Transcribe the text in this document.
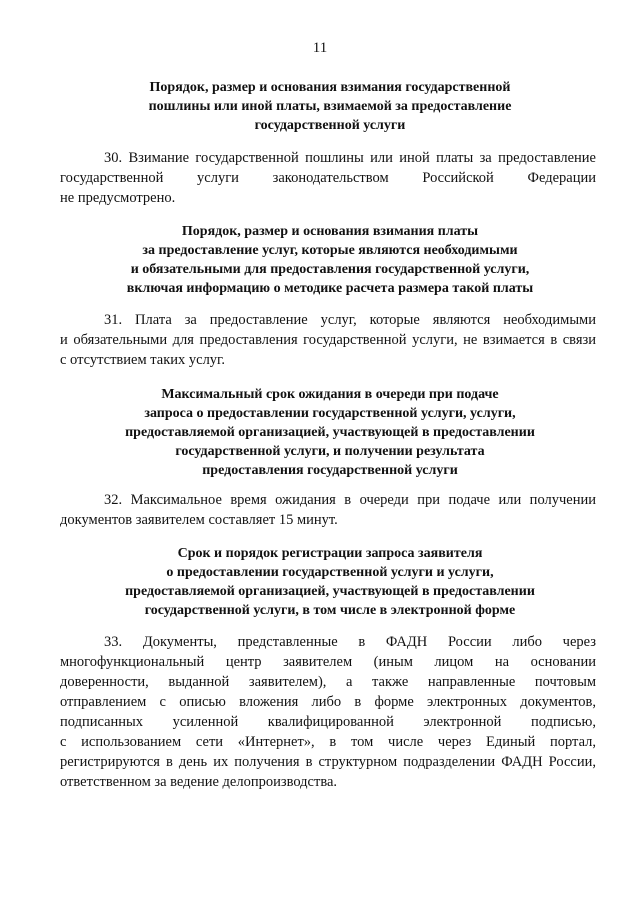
11
Порядок, размер и основания взимания государственной
пошлины или иной платы, взимаемой за предоставление
государственной услуги
30. Взимание государственной пошлины или иной платы за предоставление
государственной услуги законодательством Российской Федерации
не предусмотрено.
Порядок, размер и основания взимания платы
за предоставление услуг, которые являются необходимыми
и обязательными для предоставления государственной услуги,
включая информацию о методике расчета размера такой платы
31. Плата за предоставление услуг, которые являются необходимыми
и обязательными для предоставления государственной услуги, не взимается в связи
с отсутствием таких услуг.
Максимальный срок ожидания в очереди при подаче
запроса о предоставлении государственной услуги, услуги,
предоставляемой организацией, участвующей в предоставлении
государственной услуги, и получении результата
предоставления государственной услуги
32. Максимальное время ожидания в очереди при подаче или получении
документов заявителем составляет 15 минут.
Срок и порядок регистрации запроса заявителя
о предоставлении государственной услуги и услуги,
предоставляемой организацией, участвующей в предоставлении
государственной услуги, в том числе в электронной форме
33. Документы, представленные в ФАДН России либо через
многофункциональный центр заявителем (иным лицом на основании
доверенности, выданной заявителем), а также направленные почтовым
отправлением с описью вложения либо в форме электронных документов,
подписанных усиленной квалифицированной электронной подписью,
с использованием сети «Интернет», в том числе через Единый портал,
регистрируются в день их получения в структурном подразделении ФАДН России,
ответственном за ведение делопроизводства.
